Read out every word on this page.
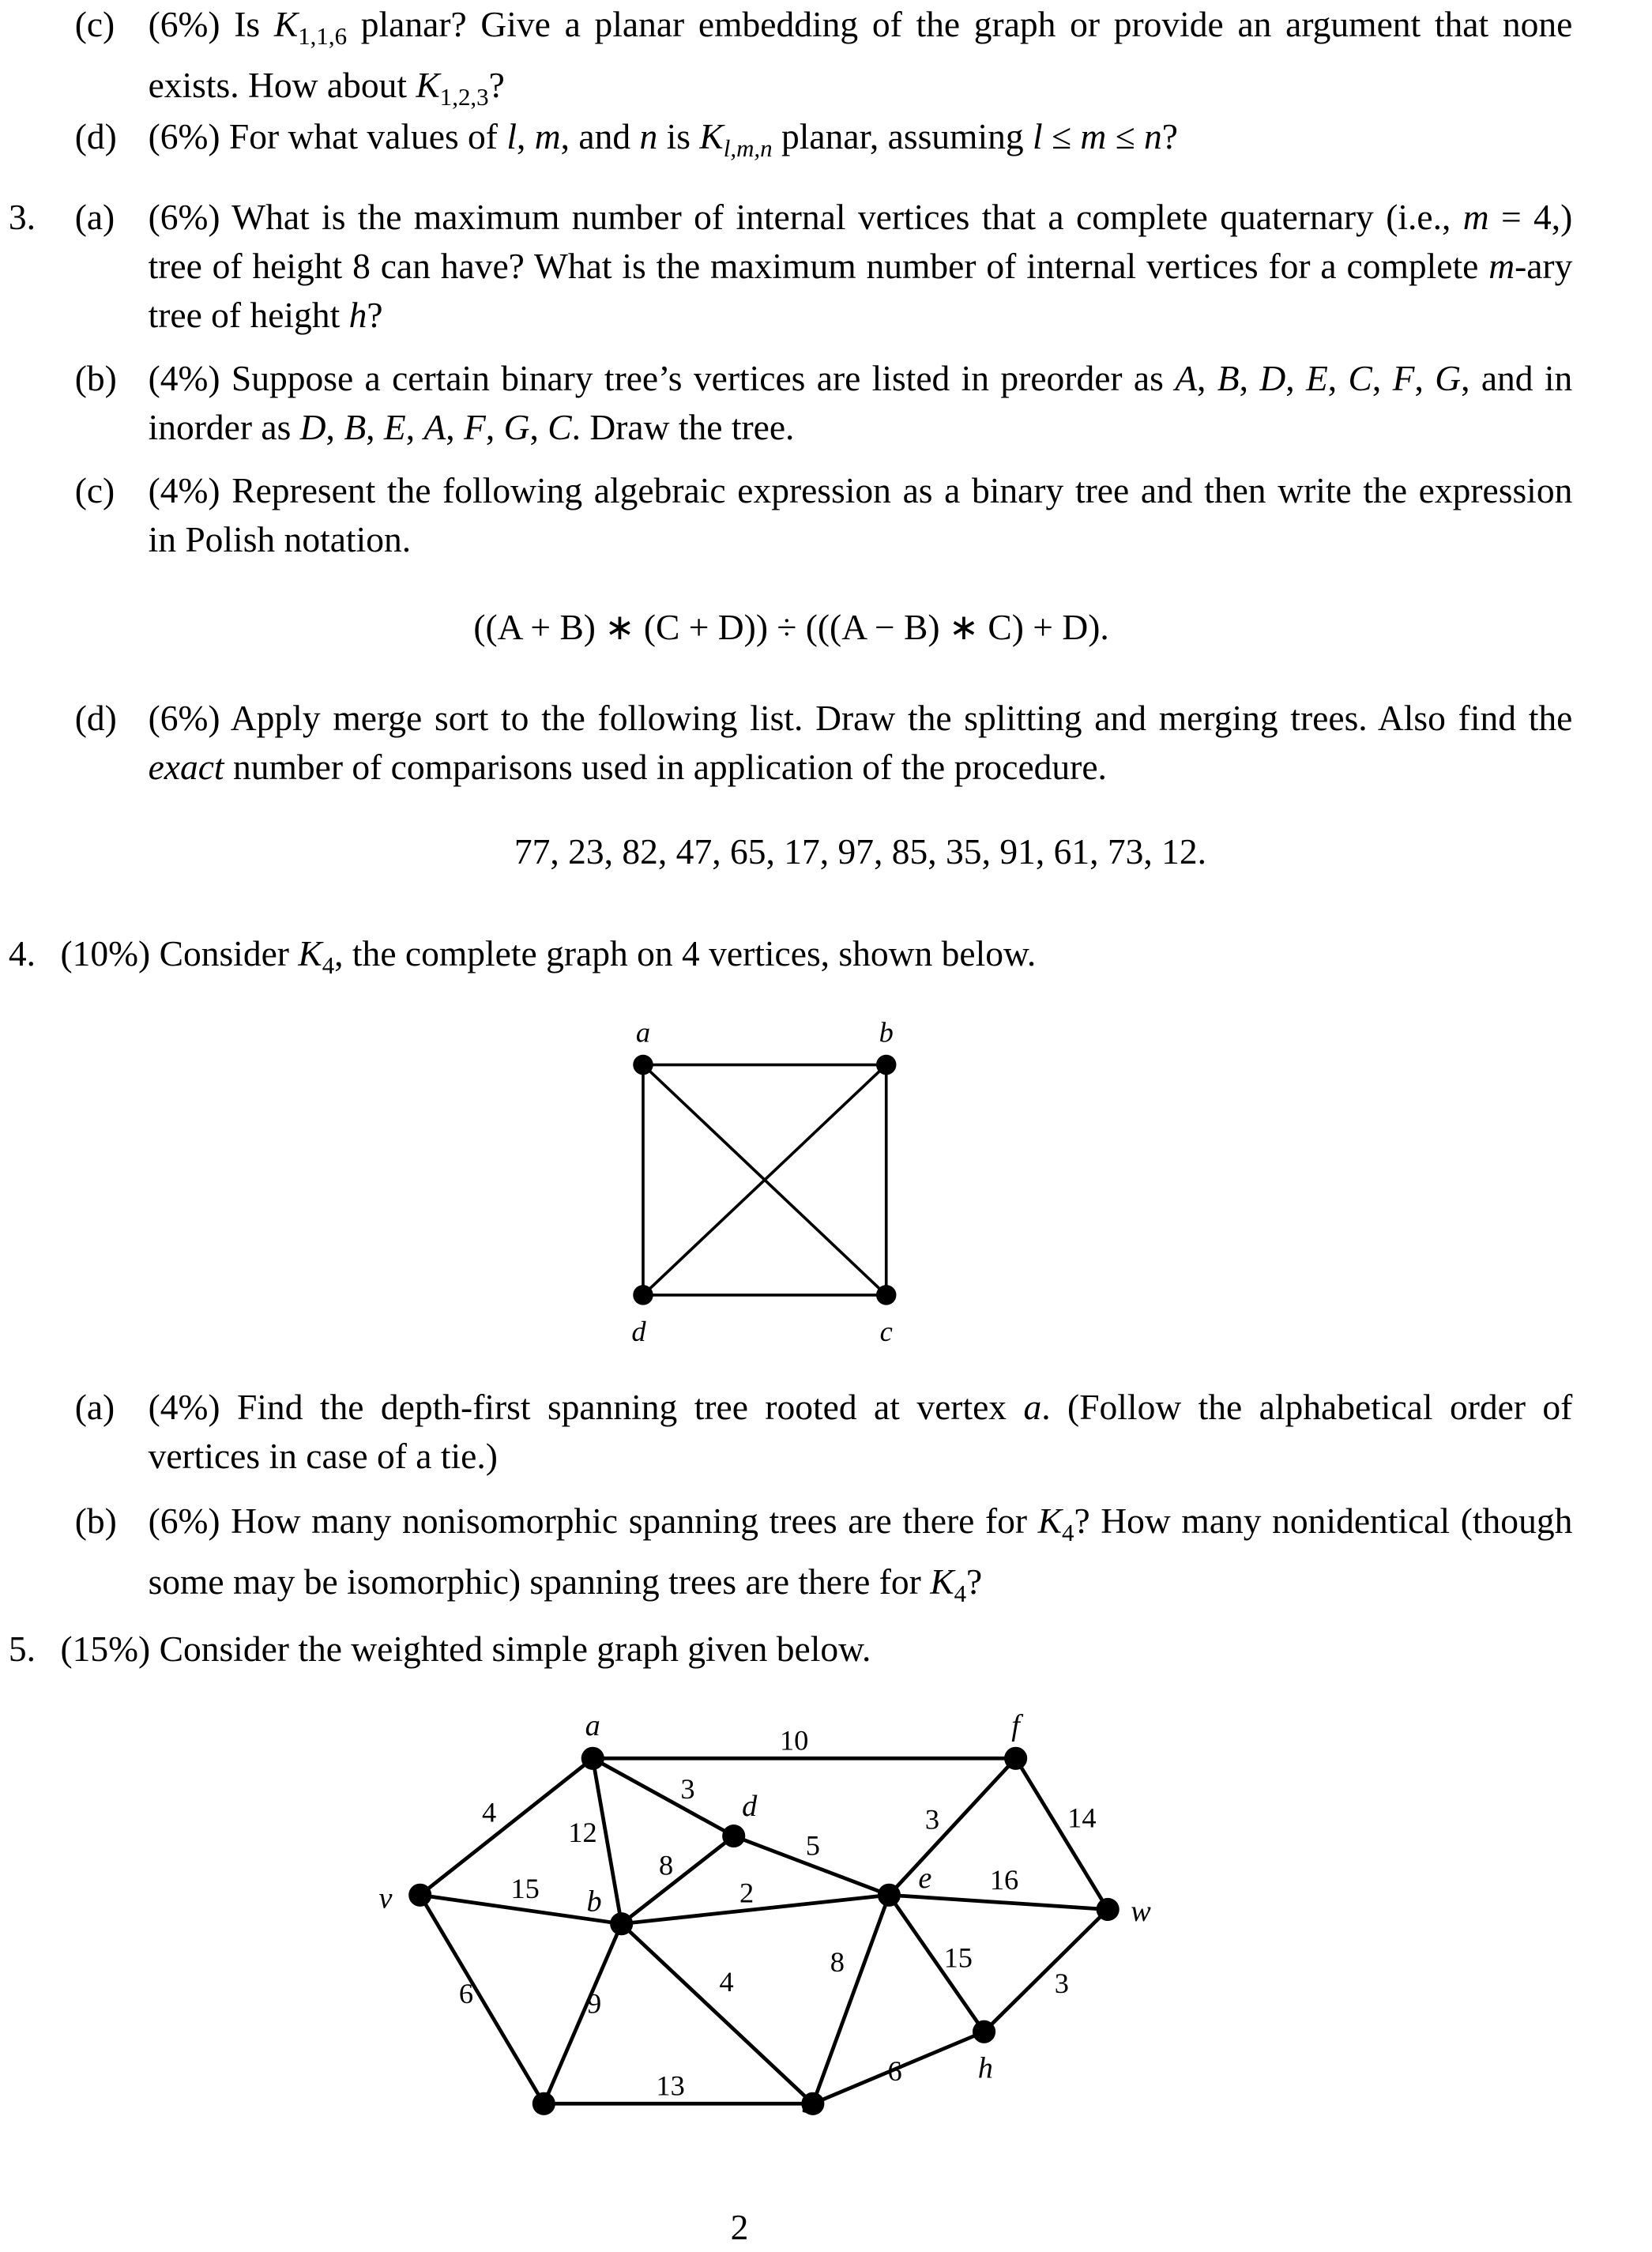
((A + B) ∗ (C + D)) ÷ (((A − B) ∗ C) + D).
77, 23, 82, 47, 65, 17, 97, 85, 35, 91, 61, 73, 12.
a	b
c
d
4
10
3
12
15
8
5
2
3	14
16
6	9
4
13
8	15
6
3
a
b
c
d
e
f
g
h
v	w
2
(c) (6%) Is $K_{1,1,6}$ planar? Give a planar embedding of the graph or provide an argument that none exists. How about $K_{1,2,3}$?
(d) (6%) For what values of l, m, and n is $K_{l,m,n}$ planar, assuming l ≤ m ≤ n?
3. (a) (6%) What is the maximum number of internal vertices that a complete quaternary (i.e., m = 4,) tree of height 8 can have? What is the maximum number of internal vertices for a complete m-ary tree of height h?
(b) (4%) Suppose a certain binary tree’s vertices are listed in preorder as A, B, D, E, C, F, G, and in inorder as D, B, E, A, F, G, C. Draw the tree.
(c) (4%) Represent the following algebraic expression as a binary tree and then write the expression in Polish notation.
(d) (6%) Apply merge sort to the following list. Draw the splitting and merging trees. Also find the exact number of comparisons used in application of the procedure.
4. (10%) Consider $K_4$, the complete graph on 4 vertices, shown below.
(a) (4%) Find the depth-first spanning tree rooted at vertex a. (Follow the alphabetical order of vertices in case of a tie.)
(b) (6%) How many nonisomorphic spanning trees are there for $K_4$? How many nonidentical (though some may be isomorphic) spanning trees are there for $K_4$?
5. (15%) Consider the weighted simple graph given below.
